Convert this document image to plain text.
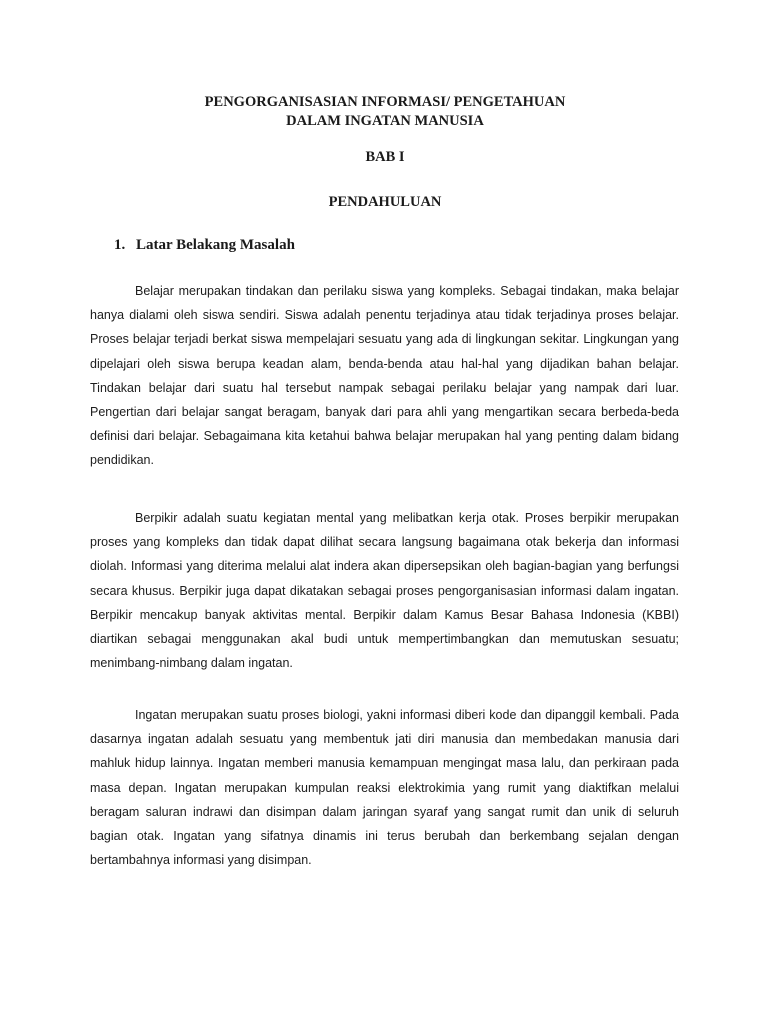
PENGORGANISASIAN INFORMASI/ PENGETAHUAN
DALAM INGATAN MANUSIA
BAB I
PENDAHULUAN
1. Latar Belakang Masalah

Belajar merupakan tindakan dan perilaku siswa yang kompleks. Sebagai tindakan, maka belajar hanya dialami oleh siswa sendiri. Siswa adalah penentu terjadinya atau tidak terjadinya proses belajar. Proses belajar terjadi berkat siswa mempelajari sesuatu yang ada di lingkungan sekitar. Lingkungan yang dipelajari oleh siswa berupa keadan alam, benda-benda atau hal-hal yang dijadikan bahan belajar. Tindakan belajar dari suatu hal tersebut nampak sebagai perilaku belajar yang nampak dari luar. Pengertian dari belajar sangat beragam, banyak dari para ahli yang mengartikan secara berbeda-beda definisi dari belajar. Sebagaimana kita ketahui bahwa belajar merupakan hal yang penting dalam bidang pendidikan.

Berpikir adalah suatu kegiatan mental yang melibatkan kerja otak. Proses berpikir merupakan proses yang kompleks dan tidak dapat dilihat secara langsung bagaimana otak bekerja dan informasi diolah. Informasi yang diterima melalui alat indera akan dipersepsikan oleh bagian-bagian yang berfungsi secara khusus. Berpikir juga dapat dikatakan sebagai proses pengorganisasian informasi dalam ingatan. Berpikir mencakup banyak aktivitas mental. Berpikir dalam Kamus Besar Bahasa Indonesia (KBBI) diartikan sebagai menggunakan akal budi untuk mempertimbangkan dan memutuskan sesuatu; menimbang-nimbang dalam ingatan.

Ingatan merupakan suatu proses biologi, yakni informasi diberi kode dan dipanggil kembali. Pada dasarnya ingatan adalah sesuatu yang membentuk jati diri manusia dan membedakan manusia dari mahluk hidup lainnya. Ingatan memberi manusia kemampuan mengingat masa lalu, dan perkiraan pada masa depan. Ingatan merupakan kumpulan reaksi elektrokimia yang rumit yang diaktifkan melalui beragam saluran indrawi dan disimpan dalam jaringan syaraf yang sangat rumit dan unik di seluruh bagian otak. Ingatan yang sifatnya dinamis ini terus berubah dan berkembang sejalan dengan bertambahnya informasi yang disimpan.
